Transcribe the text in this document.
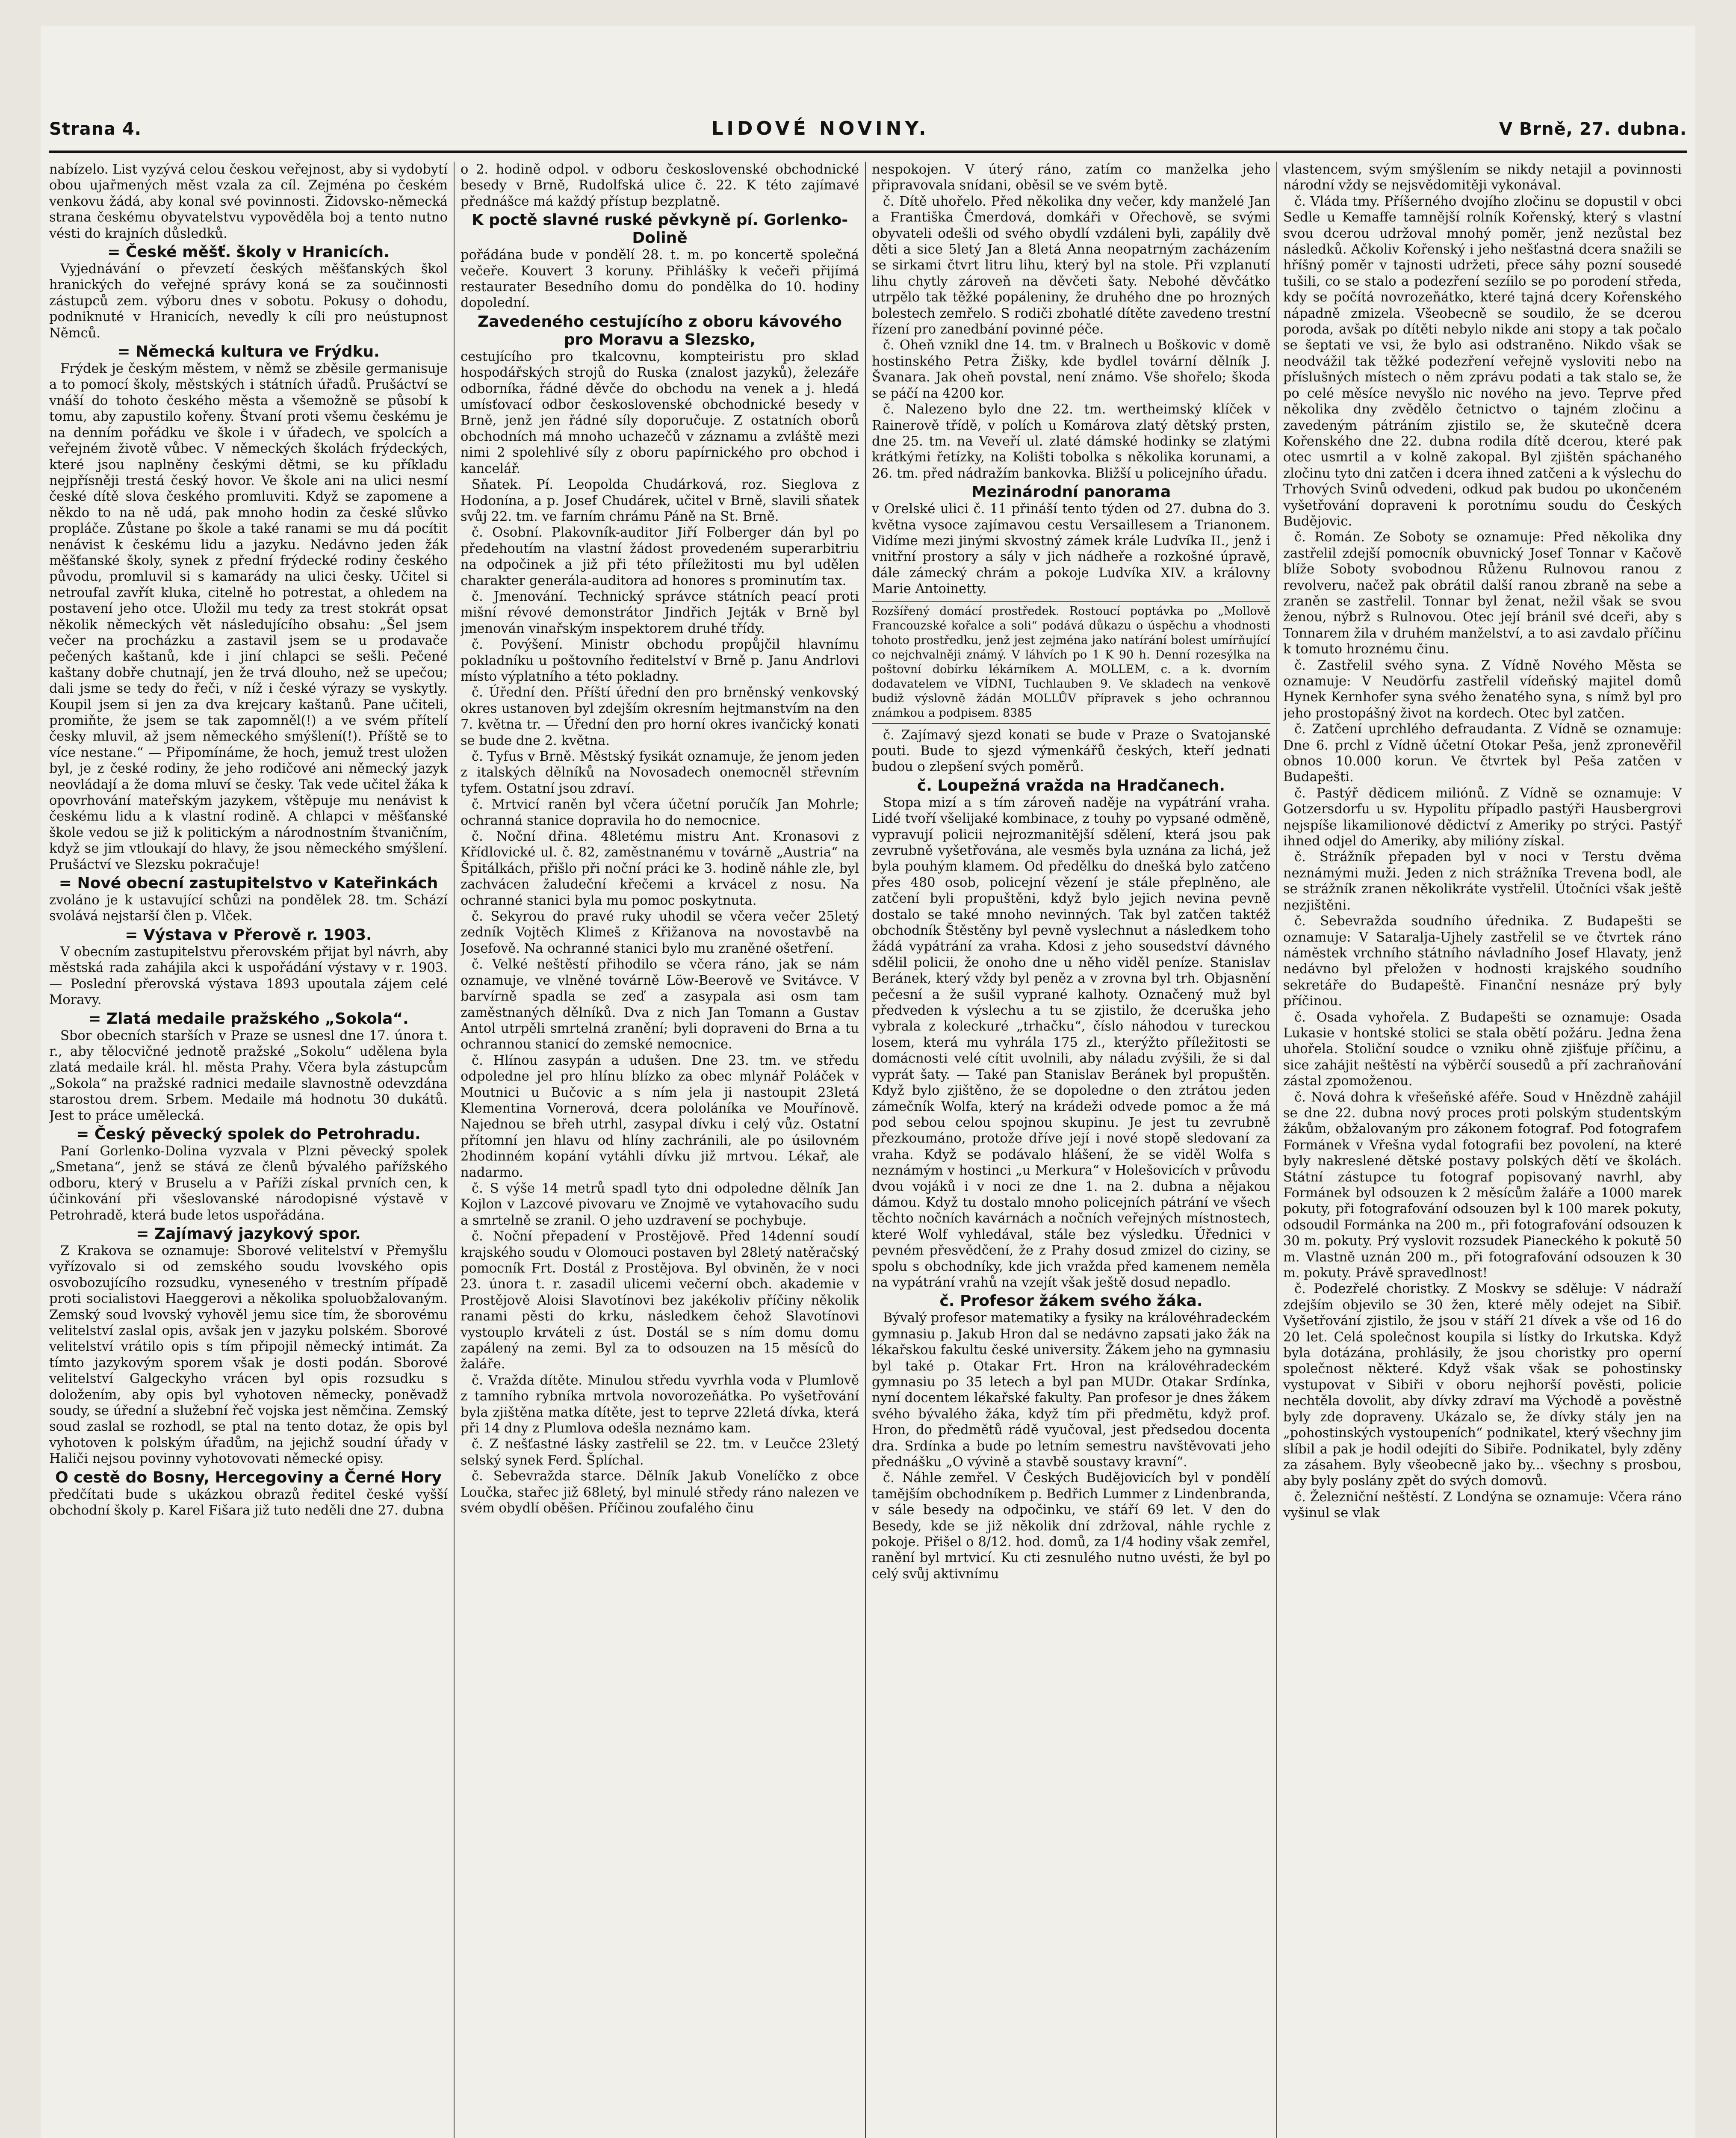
Strana 4.	LIDOVÉ NOVINY.	V Brně, 27. dubna.

nabízelo. List vyzývá celou českou veřejnost, aby si vydobytí obou ujařmených měst vzala za cíl. Zejména po českém venkovu žádá, aby konal své povinnosti. Židovsko-německá strana českému obyvatelstvu vypověděla boj a tento nutno vésti do krajních důsledků.

= České měšť. školy v Hranicích.

Vyjednávání o převzetí českých měšťanských škol hranických do veřejné správy koná se za součinnosti zástupců zem. výboru dnes v sobotu. Pokusy o dohodu, podniknuté v Hranicích, nevedly k cíli pro neústupnost Němců.

= Německá kultura ve Frýdku.

Frýdek je českým městem, v němž se zběsile germanisuje a to pomocí školy, městských i státních úřadů. Prušáctví se vnáší do tohoto českého města a všemožně se působí k tomu, aby zapustilo kořeny. Štvaní proti všemu českému je na denním pořádku ve škole i v úřadech, ve spolcích a veřejném životě vůbec. V německých školách frýdeckých, které jsou naplněny českými dětmi, se ku příkladu nejpřísněji trestá český hovor. Ve škole ani na ulici nesmí české dítě slova českého promluviti. Když se zapomene a někdo to na ně udá, pak mnoho hodin za české slůvko propláče. Zůstane po škole a také ranami se mu dá pocítit nenávist k českému lidu a jazyku. Nedávno jeden žák měšťanské školy, synek z přední frýdecké rodiny českého původu, promluvil si s kamarády na ulici česky. Učitel si netroufal zavřít kluka, citelně ho potrestat, a ohledem na postavení jeho otce. Uložil mu tedy za trest stokrát opsat několik německých vět následujícího obsahu: „Šel jsem večer na procházku a zastavil jsem se u prodavače pečených kaštanů, kde i jiní chlapci se sešli. Pečené kaštany dobře chutnají, jen že trvá dlouho, než se upečou; dali jsme se tedy do řeči, v níž i české výrazy se vyskytly. Koupil jsem si jen za dva krejcary kaštanů. Pane učiteli, promiňte, že jsem se tak zapomněl(!) a ve svém přítelí česky mluvil, až jsem německého smýšlení(!). Příště se to více nestane.“ — Připomínáme, že hoch, jemuž trest uložen byl, je z české rodiny, že jeho rodičové ani německý jazyk neovládají a že doma mluví se česky. Tak vede učitel žáka k opovrhování mateřským jazykem, vštěpuje mu nenávist k českému lidu a k vlastní rodině. A chlapci v měšťanské škole vedou se již k politickým a národnostním štvaničním, když se jim vtloukají do hlavy, že jsou německého smýšlení. Prušáctví ve Slezsku pokračuje!

= Nové obecní zastupitelstvo v Kateřinkách

zvoláno je k ustavující schůzi na pondělek 28. tm. Schází svolává nejstarší člen p. Vlček.

= Výstava v Přerově r. 1903.

V obecním zastupitelstvu přerovském přijat byl návrh, aby městská rada zahájila akci k uspořádání výstavy v r. 1903. — Poslední přerovská výstava 1893 upoutala zájem celé Moravy.

= Zlatá medaile pražského „Sokola“.

Sbor obecních starších v Praze se usnesl dne 17. února t. r., aby tělocvičné jednotě pražské „Sokolu“ udělena byla zlatá medaile král. hl. města Prahy. Včera byla zástupcům „Sokola“ na pražské radnici medaile slavnostně odevzdána starostou drem. Srbem. Medaile má hodnotu 30 dukátů. Jest to práce umělecká.

= Český pěvecký spolek do Petrohradu.

Paní Gorlenko-Dolina vyzvala v Plzni pěvecký spolek „Smetana“, jenž se stává ze členů bývalého pařížského odboru, který v Bruselu a v Paříži získal prvních cen, k účinkování při všeslovanské národopisné výstavě v Petrohradě, která bude letos uspořádána.

= Zajímavý jazykový spor.

Z Krakova se oznamuje: Sborové velitelství v Přemyšlu vyřízovalo si od zemského soudu lvovského opis osvobozujícího rozsudku, vyneseného v trestním případě proti socialistovi Haeggerovi a několika spoluobžalovaným. Zemský soud lvovský vyhověl jemu sice tím, že sborovému velitelství zaslal opis, avšak jen v jazyku polském. Sborové velitelství vrátilo opis s tím připojil německý intimát. Za tímto jazykovým sporem však je dosti podán. Sborové velitelství Galgeckyho vrácen byl opis rozsudku s doložením, aby opis byl vyhotoven německy, poněvadž soudy, se úřední a služební řeč vojska jest němčina. Zemský soud zaslal se rozhodl, se ptal na tento dotaz, že opis byl vyhotoven k polským úřadům, na jejichž soudní úřady v Haliči nejsou povinny vyhotovovati německé opisy.

O cestě do Bosny, Hercegoviny a Černé Hory

předčítati bude s ukázkou obrazů ředitel české vyšší obchodní školy p. Karel Fišara již tuto neděli dne 27. dubna

o 2. hodině odpol. v odboru československé obchodnické besedy v Brně, Rudolfská ulice č. 22. K této zajímavé přednášce má každý přístup bezplatně.

K poctě slavné ruské pěvkyně pí. Gorlenko-Dolině

pořádána bude v pondělí 28. t. m. po koncertě společná večeře. Kouvert 3 koruny. Přihlášky k večeři přijímá restaurater Besedního domu do pondělka do 10. hodiny dopolední.

Zavedeného cestujícího z oboru kávového pro Moravu a Slezsko,

cestujícího pro tkalcovnu, kompteiristu pro sklad hospodářských strojů do Ruska (znalost jazyků), železáře odborníka, řádné děvče do obchodu na venek a j. hledá umísťovací odbor československé obchodnické besedy v Brně, jenž jen řádné síly doporučuje. Z ostatních oborů obchodních má mnoho uchazečů v záznamu a zvláště mezi nimi 2 spolehlivé síly z oboru papírnického pro obchod i kancelář.

Sňatek. Pí. Leopolda Chudárková, roz. Sieglova z Hodonína, a p. Josef Chudárek, učitel v Brně, slavili sňatek svůj 22. tm. ve farním chrámu Páně na St. Brně.

č. Osobní. Plakovník-auditor Jiří Folberger dán byl po předehoutím na vlastní žádost provedeném superarbitriu na odpočinek a již při této příležitosti mu byl udělen charakter generála-auditora ad honores s prominutím tax.

č. Jmenování. Technický správce státních peací proti mišní révové demonstrátor Jindřich Jejták v Brně byl jmenován vinařským inspektorem druhé třídy.

č. Povýšení. Ministr obchodu propůjčil hlavnímu pokladníku u poštovního ředitelství v Brně p. Janu Andrlovi místo výplatního a této pokladny.

č. Úřední den. Příští úřední den pro brněnský venkovský okres ustanoven byl zdejším okresním hejtmanstvím na den 7. května tr. — Úřední den pro horní okres ivančický konati se bude dne 2. května.

č. Tyfus v Brně. Městský fysikát oznamuje, že jenom jeden z italských dělníků na Novosadech onemocněl střevním tyfem. Ostatní jsou zdraví.

č. Mrtvicí raněn byl včera účetní poručík Jan Mohrle; ochranná stanice dopravila ho do nemocnice.

č. Noční dřina. 48letému mistru Ant. Kronasovi z Křídlovické ul. č. 82, zaměstnanému v továrně „Austria“ na Špitálkách, přišlo při noční práci ke 3. hodině náhle zle, byl zachvácen žaludeční křečemi a krvácel z nosu. Na ochranné stanici byla mu pomoc poskytnuta.

č. Sekyrou do pravé ruky uhodil se včera večer 25letý zedník Vojtěch Klimeš z Křižanova na novostavbě na Josefově. Na ochranné stanici bylo mu zraněné ošetření.

č. Velké neštěstí přihodilo se včera ráno, jak se nám oznamuje, ve vlněné továrně Löw-Beerově ve Svitávce. V barvírně spadla se zeď a zasypala asi osm tam zaměstnaných dělníků. Dva z nich Jan Tomann a Gustav Antol utrpěli smrtelná zranění; byli dopraveni do Brna a tu ochrannou stanicí do zemské nemocnice.

č. Hlínou zasypán a udušen. Dne 23. tm. ve středu odpoledne jel pro hlínu blízko za obec mlynář Poláček v Moutnici u Bučovic a s ním jela ji nastoupit 23letá Klementina Vornerová, dcera pololáníka ve Mouřínově. Najednou se břeh utrhl, zasypal dívku i celý vůz. Ostatní přítomní jen hlavu od hlíny zachránili, ale po úsilovném 2hodinném kopání vytáhli dívku již mrtvou. Lékař, ale nadarmo.

č. S výše 14 metrů spadl tyto dni odpoledne dělník Jan Kojlon v Lazcové pivovaru ve Znojmě ve vytahovacího sudu a smrtelně se zranil. O jeho uzdravení se pochybuje.

č. Noční přepadení v Prostějově. Před 14denní soudí krajského soudu v Olomouci postaven byl 28letý natěračský pomocník Frt. Dostál z Prostějova. Byl obviněn, že v noci 23. února t. r. zasadil ulicemi večerní obch. akademie v Prostějově Aloisi Slavotínovi bez jakékoliv příčiny několik ranami pěsti do krku, následkem čehož Slavotínovi vystouplo krváteli z úst. Dostál se s ním domu domu zapálený na zemi. Byl za to odsouzen na 15 měsíců do žaláře.

č. Vražda dítěte. Minulou středu vyvrhla voda v Plumlově z tamního rybníka mrtvola novorozeňátka. Po vyšetřování byla zjištěna matka dítěte, jest to teprve 22letá dívka, která při 14 dny z Plumlova odešla neznámo kam.

č. Z nešťastné lásky zastřelil se 22. tm. v Leučce 23letý selský synek Ferd. Šplíchal.

č. Sebevražda starce. Dělník Jakub Vonelíčko z obce Loučka, stařec již 68letý, byl minulé středy ráno nalezen ve svém obydlí oběšen. Příčinou zoufalého činu

nespokojen. V úterý ráno, zatím co manželka jeho připravovala snídani, oběsil se ve svém bytě.

č. Dítě uhořelo. Před několika dny večer, kdy manželé Jan a Františka Čmerdová, domkáři v Ořechově, se svými obyvateli odešli od svého obydlí vzdáleni byli, zapálily dvě děti a sice 5letý Jan a 8letá Anna neopatrným zacházením se sirkami čtvrt litru lihu, který byl na stole. Při vzplanutí lihu chytly zároveň na děvčeti šaty. Nebohé děvčátko utrpělo tak těžké popáleniny, že druhého dne po hrozných bolestech zemřelo. S rodiči zbohatlé dítěte zavedeno trestní řízení pro zanedbání povinné péče.

č. Oheň vznikl dne 14. tm. v Bralnech u Boškovic v domě hostinského Petra Žišky, kde bydlel tovární dělník J. Švanara. Jak oheň povstal, není známo. Vše shořelo; škoda se páčí na 4200 kor.

č. Nalezeno bylo dne 22. tm. wertheimský klíček v Rainerově třídě, v polích u Komárova zlatý dětský prsten, dne 25. tm. na Veveří ul. zlaté dámské hodinky se zlatými krátkými řetízky, na Kolišti tobolka s několika korunami, a 26. tm. před nádražím bankovka. Bližší u policejního úřadu.

Mezinárodní panorama

v Orelské ulici č. 11 přináší tento týden od 27. dubna do 3. května vysoce zajímavou cestu Versaillesem a Trianonem. Vidíme mezi jinými skvostný zámek krále Ludvíka II., jenž i vnitřní prostory a sály v jich nádheře a rozkošné úpravě, dále zámecký chrám a pokoje Ludvíka XIV. a královny Marie Antoinetty.

Rozšířený domácí prostředek. Rostoucí poptávka po „Mollově Francouzské kořalce a soli“ podává důkazu o úspěchu a vhodnosti tohoto prostředku, jenž jest zejména jako natírání bolest umírňující co nejchvalněji známý. V láhvích po 1 K 90 h. Denní rozesýlka na poštovní dobírku lékárníkem A. MOLLEM, c. a k. dvorním dodavatelem ve VÍDNI, Tuchlauben 9. Ve skladech na venkově budiž výslovně žádán MOLLŮV přípravek s jeho ochrannou známkou a podpisem. 8385

č. Zajímavý sjezd konati se bude v Praze o Svatojanské pouti. Bude to sjezd výmenkářů českých, kteří jednati budou o zlepšení svých poměrů.

č. Loupežná vražda na Hradčanech.

Stopa mizí a s tím zároveň naděje na vypátrání vraha. Lidé tvoří všelijaké kombinace, z touhy po vypsané odměně, vypravují policii nejrozmanitější sdělení, která jsou pak zevrubně vyšetřována, ale vesměs byla uznána za lichá, jež byla pouhým klamem. Od předělku do dnešká bylo zatčeno přes 480 osob, policejní vězení je stále přeplněno, ale zatčení byli propuštěni, když bylo jejich nevina pevně dostalo se také mnoho nevinných. Tak byl zatčen taktéž obchodník Štěstěny byl pevně vyslechnut a následkem toho žádá vypátrání za vraha. Kdosi z jeho sousedství dávného sdělil policii, že onoho dne u něho viděl peníze. Stanislav Beránek, který vždy byl peněz a v zrovna byl trh. Objasnění pečesní a že sušil vyprané kalhoty. Označený muž byl předveden k výslechu a tu se zjistilo, že dceruška jeho vybrala z koleckuré „trhačku“, číslo náhodou v tureckou losem, která mu vyhrála 175 zl., kterýžto příležitosti se domácnosti velé cítit uvolnili, aby náladu zvýšili, že si dal vyprát šaty. — Také pan Stanislav Beránek byl propuštěn. Když bylo zjištěno, že se dopoledne o den ztrátou jeden zámečník Wolfa, který na krádeži odvede pomoc a že má pod sebou celou spojnou skupinu. Je jest tu zevrubně přezkoumáno, protože dříve její i nové stopě sledovaní za vraha. Když se podávalo hlášení, že se viděl Wolfa s neznámým v hostinci „u Merkura“ v Holešovicích v průvodu dvou vojáků i v noci ze dne 1. na 2. dubna a nějakou dámou. Když tu dostalo mnoho policejních pátrání ve všech těchto nočních kavárnách a nočních veřejných místnostech, které Wolf vyhledával, stále bez výsledku. Úřednici v pevném přesvědčení, že z Prahy dosud zmizel do ciziny, se spolu s obchodníky, kde jich vražda před kamenem neměla na vypátrání vrahů na vzejít však ještě dosud nepadlo.

č. Profesor žákem svého žáka.

Bývalý profesor matematiky a fysiky na královéhradeckém gymnasiu p. Jakub Hron dal se nedávno zapsati jako žák na lékařskou fakultu české university. Žákem jeho na gymnasiu byl také p. Otakar Frt. Hron na královéhradeckém gymnasiu po 35 letech a byl pan MUDr. Otakar Srdínka, nyní docentem lékařské fakulty. Pan profesor je dnes žákem svého bývalého žáka, když tím při předmětu, když prof. Hron, do předmětů rádě vyučoval, jest předsedou docenta dra. Srdínka a bude po letním semestru navštěvovati jeho přednášku „O vývině a stavbě soustavy kravní“.

č. Náhle zemřel. V Českých Budějovicích byl v pondělí tamějším obchodníkem p. Bedřich Lummer z Lindenbranda, v sále besedy na odpočinku, ve stáří 69 let. V den do Besedy, kde se již několik dní zdržoval, náhle rychle z pokoje. Přišel o 8/12. hod. domů, za 1/4 hodiny však zemřel, ranění byl mrtvicí. Ku cti zesnulého nutno uvésti, že byl po celý svůj aktivnímu

vlastencem, svým smýšlením se nikdy netajil a povinnosti národní vždy se nejsvědomitěji vykonával.

č. Vláda tmy. Příšerného dvojího zločinu se dopustil v obci Sedle u Kemaffe tamnější rolník Kořenský, který s vlastní svou dcerou udržoval mnohý poměr, jenž nezůstal bez následků. Ačkoliv Kořenský i jeho nešťastná dcera snažili se hříšný poměr v tajnosti udržeti, přece sáhy pozní sousedé tušili, co se stalo a podezření sezíilo se po porodení středa, kdy se počítá novrozeňátko, které tajná dcery Kořenského nápadně zmizela. Všeobecně se soudilo, že se dcerou poroda, avšak po dítěti nebylo nikde ani stopy a tak počalo se šeptati ve vsi, že bylo asi odstraněno. Nikdo však se neodvážil tak těžké podezření veřejně vysloviti nebo na příslušných místech o něm zprávu podati a tak stalo se, že po celé měsíce nevyšlo nic nového na jevo. Teprve před několika dny zvědělo četnictvo o tajném zločinu a zavedeným pátráním zjistilo se, že skutečně dcera Kořenského dne 22. dubna rodila dítě dcerou, které pak otec usmrtil a v kolně zakopal. Byl zjištěn spáchaného zločinu tyto dni zatčen i dcera ihned zatčeni a k výslechu do Trhových Svinů odvedeni, odkud pak budou po ukončeném vyšetřování dopraveni k porotnímu soudu do Českých Budějovic.

č. Román. Ze Soboty se oznamuje: Před několika dny zastřelil zdejší pomocník obuvnický Josef Tonnar v Kačově blíže Soboty svobodnou Růženu Rulnovou ranou z revolveru, načež pak obrátil další ranou zbraně na sebe a zraněn se zastřelil. Tonnar byl ženat, nežil však se svou ženou, nýbrž s Rulnovou. Otec její bránil své dceři, aby s Tonnarem žila v druhém manželství, a to asi zavdalo příčinu k tomuto hroznému činu.

č. Zastřelil svého syna. Z Vídně Nového Města se oznamuje: V Neudörfu zastřelil vídeňský majitel domů Hynek Kernhofer syna svého ženatého syna, s nímž byl pro jeho prostopášný život na kordech. Otec byl zatčen.

č. Zatčení uprchlého defraudanta. Z Vídně se oznamuje: Dne 6. prchl z Vídně účetní Otokar Peša, jenž zpronevěřil obnos 10.000 korun. Ve čtvrtek byl Peša zatčen v Budapešti.

č. Pastýř dědicem miliónů. Z Vídně se oznamuje: V Gotzersdorfu u sv. Hypolitu případlo pastýři Hausbergrovi nejspíše likamilionové dědictví z Ameriky po strýci. Pastýř ihned odjel do Ameriky, aby milióny získal.

č. Strážník přepaden byl v noci v Terstu dvěma neznámými muži. Jeden z nich strážníka Trevena bodl, ale se strážník zranen několikráte vystřelil. Útočníci však ještě nezjištěni.

č. Sebevražda soudního úřednika. Z Budapešti se oznamuje: V Sataralja-Ujhely zastřelil se ve čtvrtek ráno náměstek vrchního státního návladního Josef Hlavaty, jenž nedávno byl přeložen v hodnosti krajského soudního sekretáře do Budapeště. Finanční nesnáze prý byly příčinou.

č. Osada vyhořela. Z Budapešti se oznamuje: Osada Lukasie v hontské stolici se stala obětí požáru. Jedna žena uhořela. Stoliční soudce o vzniku ohně zjišťuje příčinu, a sice zahájit neštěstí na výběrčí sousedů a pří zachraňování zástal zpomoženou.

č. Nová dohra k vřešeňské aféře. Soud v Hnězdně zahájil se dne 22. dubna nový proces proti polským studentským žákům, obžalovaným pro zákonem fotograf. Pod fotografem Formánek v Vřešna vydal fotografii bez povolení, na které byly nakreslené dětské postavy polských dětí ve školách. Státní zástupce tu fotograf popisovaný navrhl, aby Formánek byl odsouzen k 2 měsícům žaláře a 1000 marek pokuty, při fotografování odsouzen byl k 100 marek pokuty, odsoudil Formánka na 200 m., při fotografování odsouzen k 30 m. pokuty. Prý vyslovit rozsudek Pianeckého k pokutě 50 m. Vlastně uznán 200 m., při fotografování odsouzen k 30 m. pokuty. Právě spravedlnost!

č. Podezřelé choristky. Z Moskvy se sděluje: V nádraží zdejším objevilo se 30 žen, které měly odejet na Sibiř. Vyšetřování zjistilo, že jsou v stáří 21 dívek a vše od 16 do 20 let. Celá společnost koupila si lístky do Irkutska. Když byla dotázána, prohlásily, že jsou choristky pro operní společnost některé. Když však však se pohostinsky vystupovat v Sibiři v oboru nejhorší pověsti, policie nechtěla dovolit, aby dívky zdraví ma Východě a pověstně byly zde dopraveny. Ukázalo se, že dívky stály jen na „pohostinských vystoupeních“ podnikatel, který všechny jim slíbil a pak je hodil odejíti do Sibiře. Podnikatel, byly zděny za zásahem. Byly všeobecně jako by... všechny s prosbou, aby byly poslány zpět do svých domovů.

č. Železniční neštěstí. Z Londýna se oznamuje: Včera ráno vyšinul se vlak
